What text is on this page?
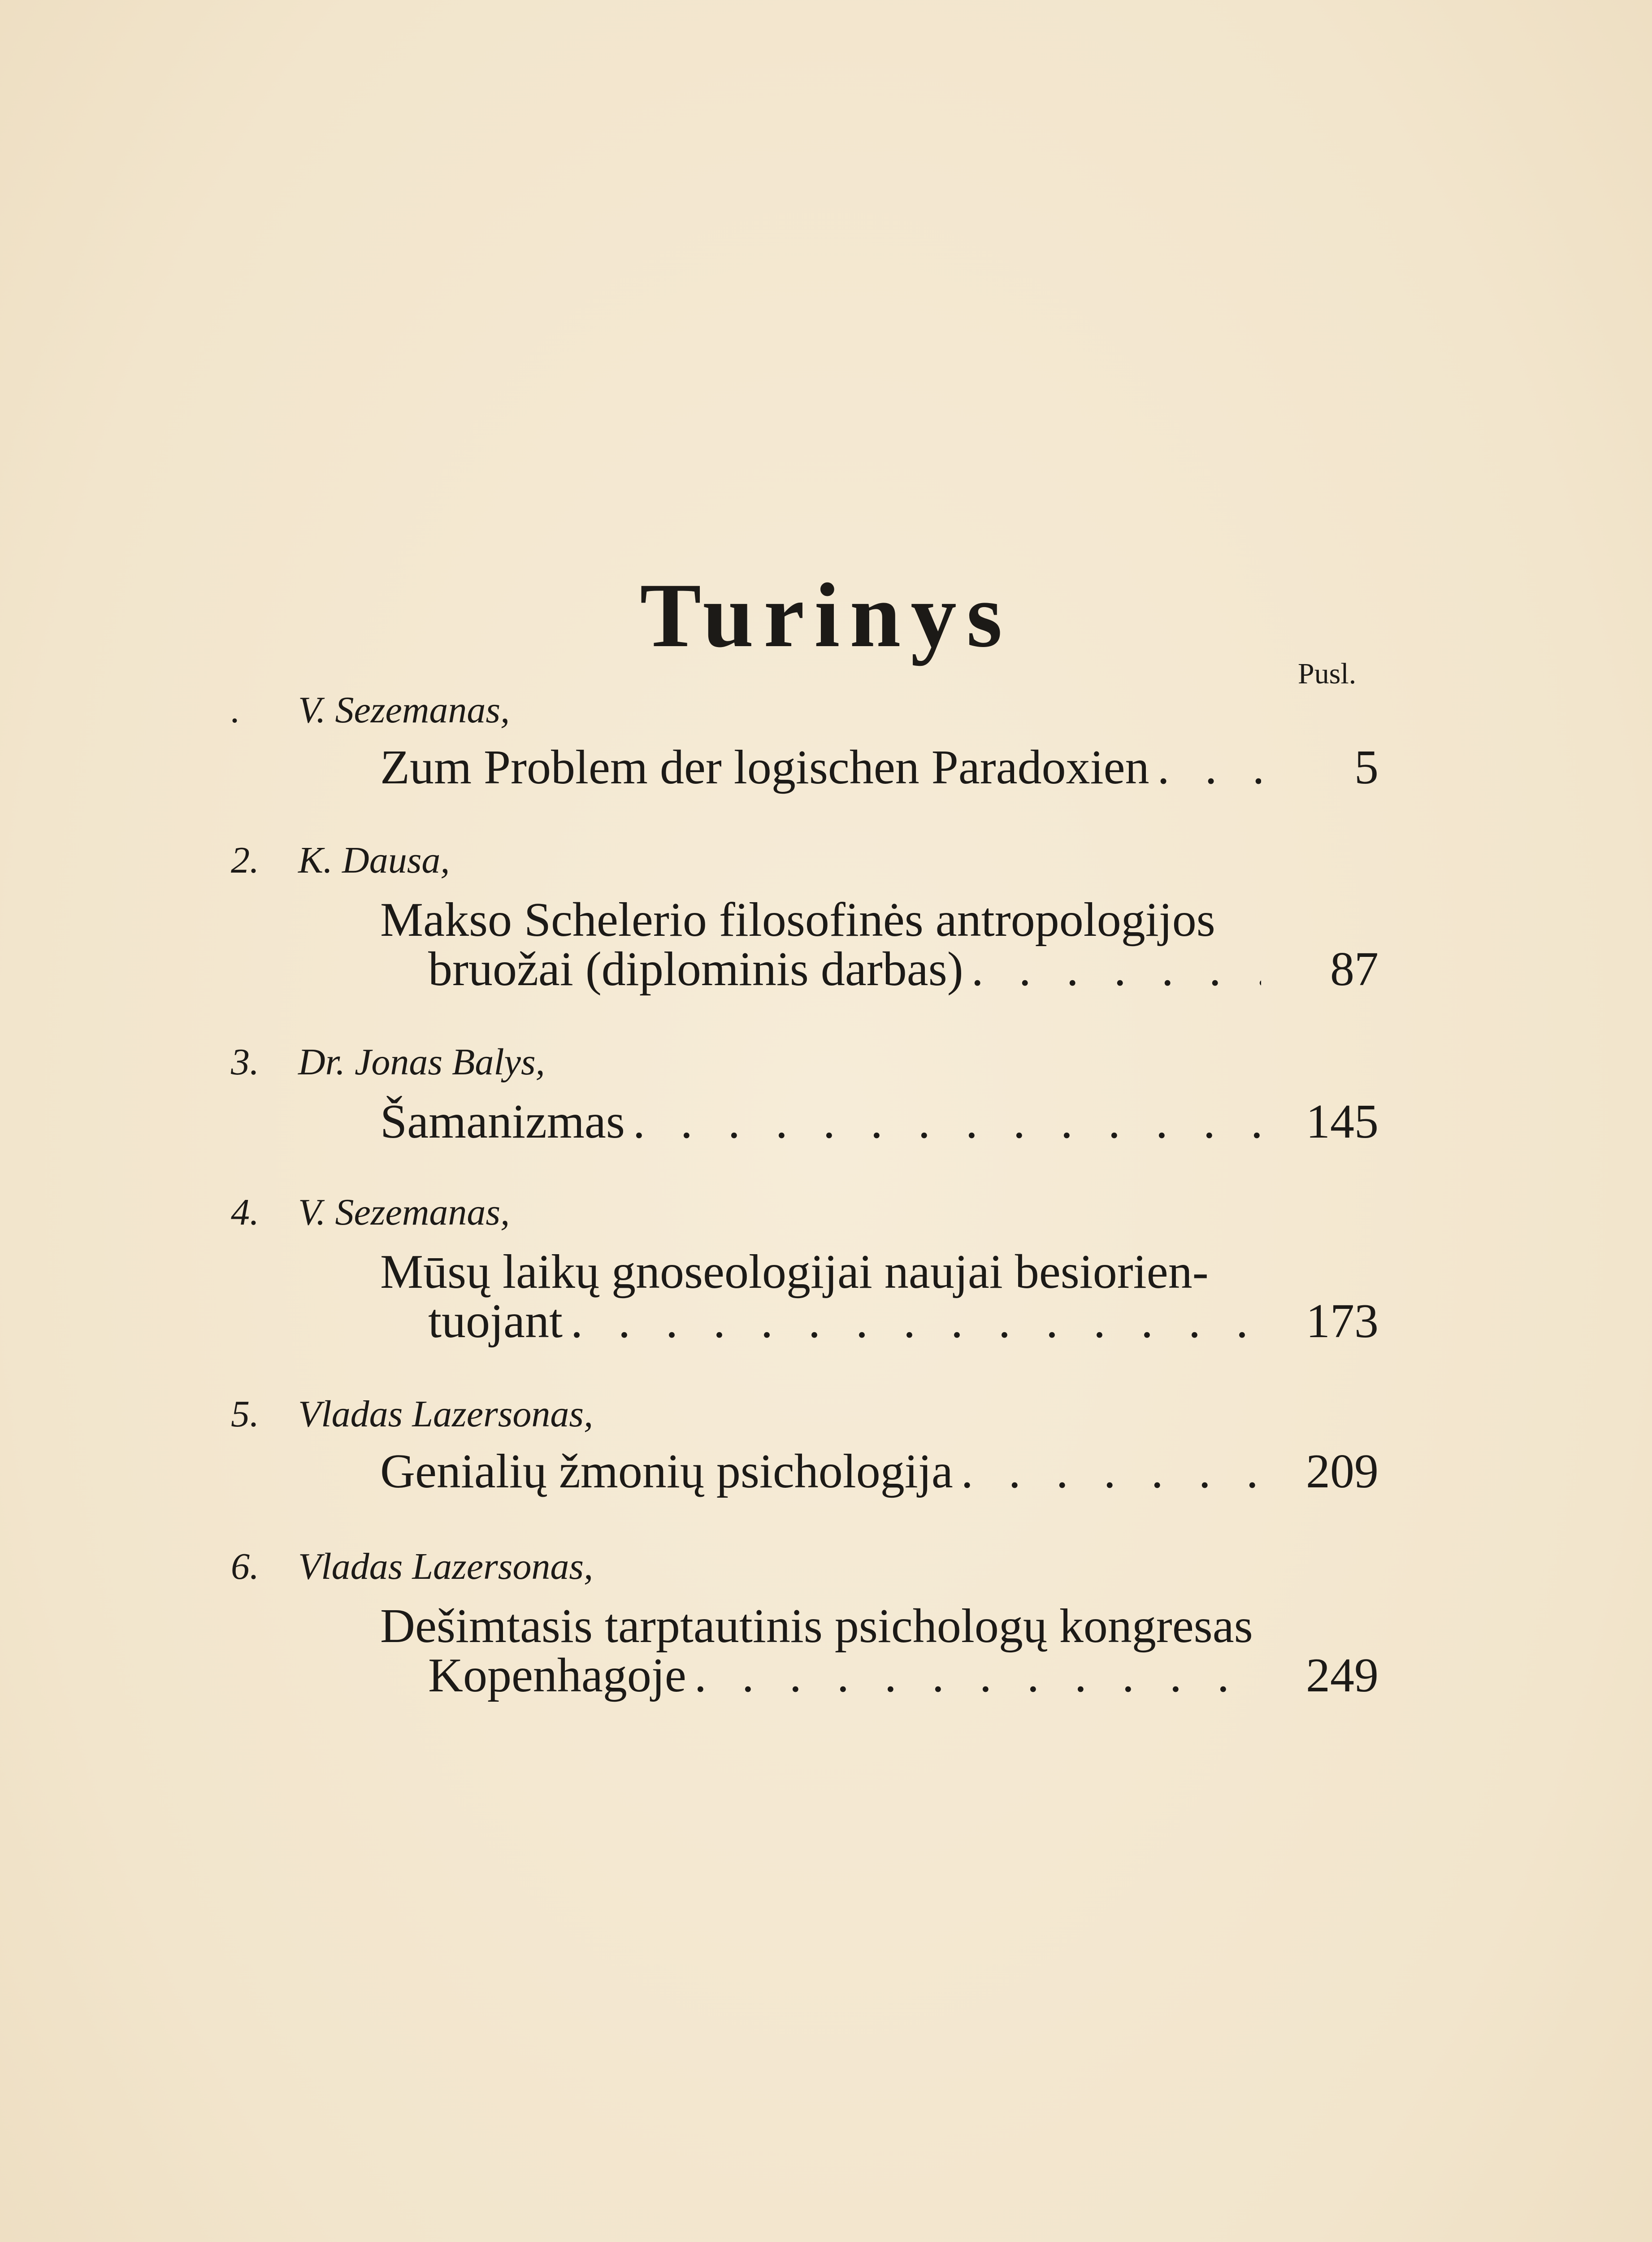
Turinys
Pusl.
. V. Sezemanas,
Zum Problem der logischen Paradoxien . . .	5
2. K. Dausa,
Makso Schelerio filosofinės antropologijos
bruožai (diplominis darbas) . . .	87
3. Dr. Jonas Balys,
Šamanizmas . . .	145
4. V. Sezemanas,
Mūsų laikų gnoseologijai naujai besiorien-
tuojant . . .	173
5. Vladas Lazersonas,
Genialių žmonių psichologija . . .	209
6. Vladas Lazersonas,
Dešimtasis tarptautinis psichologų kongresas
Kopenhagoje . . .	249
